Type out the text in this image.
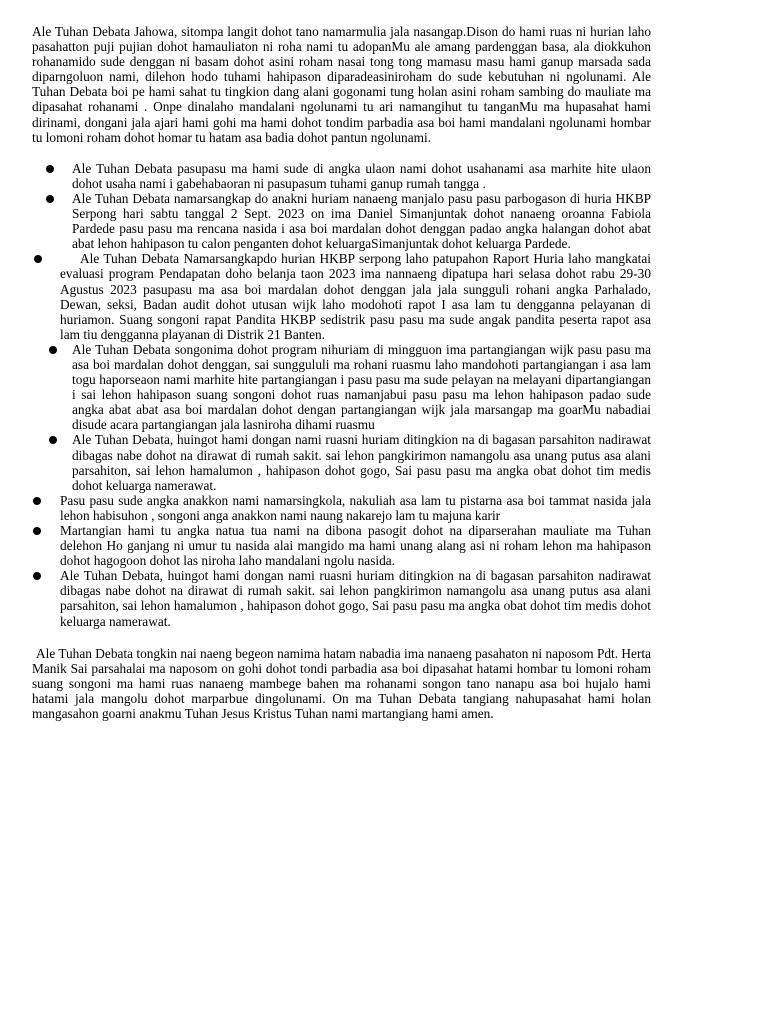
Ale Tuhan Debata Jahowa, sitompa langit dohot tano namarmulia jala nasangap.Dison do hami ruas ni hurian laho pasahatton puji pujian dohot hamauliaton ni roha nami tu adopanMu ale amang pardenggan basa, ala diokkuhon rohanamido sude denggan ni basam dohot asini roham nasai tong tong mamasu masu hami ganup marsada sada diparngoluon nami, dilehon hodo tuhami hahipason diparadeasiniroham do sude kebutuhan ni ngolunami. Ale Tuhan Debata boi pe hami sahat tu tingkion dang alani gogonami tung holan asini roham sambing do mauliate ma dipasahat rohanami . Onpe dinalaho mandalani ngolunami tu ari namangihut tu tanganMu ma hupasahat hami dirinami, dongani jala ajari hami gohi ma hami dohot tondim parbadia asa boi hami mandalani ngolunami hombar tu lomoni roham dohot homar tu hatam asa badia dohot pantun ngolunami.

Ale Tuhan Debata pasupasu ma hami sude di angka ulaon nami dohot usahanami asa marhite hite ulaon dohot usaha nami i gabehabaoran ni pasupasum tuhami ganup rumah tangga .
Ale Tuhan Debata namarsangkap do anakni huriam nanaeng manjalo pasu pasu parbogason di huria HKBP Serpong hari sabtu tanggal 2 Sept. 2023 on ima Daniel Simanjuntak dohot nanaeng oroanna Fabiola Pardede pasu pasu ma rencana nasida i asa boi mardalan dohot denggan padao angka halangan dohot abat abat lehon hahipason tu calon penganten dohot keluargaSimanjuntak dohot keluarga Pardede.
Ale Tuhan Debata Namarsangkapdo hurian HKBP serpong laho patupahon Raport Huria laho mangkatai evaluasi program Pendapatan doho belanja taon 2023 ima nannaeng dipatupa hari selasa dohot rabu 29-30 Agustus 2023 pasupasu ma asa boi mardalan dohot denggan jala jala sungguli rohani angka Parhalado, Dewan, seksi, Badan audit dohot utusan wijk laho modohoti rapot I asa lam tu dengganna pelayanan di huriamon. Suang songoni rapat Pandita HKBP sedistrik pasu pasu ma sude angak pandita peserta rapot asa lam tiu dengganna playanan di Distrik 21 Banten.
Ale Tuhan Debata songonima dohot program nihuriam di mingguon ima partangiangan wijk pasu pasu ma asa boi mardalan dohot denggan, sai sunggululi ma rohani ruasmu laho mandohoti partangiangan i asa lam togu haporseaon nami marhite hite partangiangan i pasu pasu ma sude pelayan na melayani dipartangiangan i sai lehon hahipason suang songoni dohot ruas namanjabui pasu pasu ma lehon hahipason padao sude angka abat abat asa boi mardalan dohot dengan partangiangan wijk jala marsangap ma goarMu nabadiai disude acara partangiangan jala lasniroha dihami ruasmu
Ale Tuhan Debata, huingot hami dongan nami ruasni huriam ditingkion na di bagasan parsahiton nadirawat dibagas nabe dohot na dirawat di rumah sakit. sai lehon pangkirimon namangolu asa unang putus asa alani parsahiton, sai lehon hamalumon , hahipason dohot gogo, Sai pasu pasu ma angka obat dohot tim medis dohot keluarga namerawat.
Pasu pasu sude angka anakkon nami namarsingkola, nakuliah asa lam tu pistarna asa boi tammat nasida jala lehon habisuhon , songoni anga anakkon nami naung nakarejo lam tu majuna karir
Martangian hami tu angka natua tua nami na dibona pasogit dohot na diparserahan mauliate ma Tuhan delehon Ho ganjang ni umur tu nasida alai mangido ma hami unang alang asi ni roham lehon ma hahipason dohot hagogoon dohot las niroha laho mandalani ngolu nasida.
Ale Tuhan Debata, huingot hami dongan nami ruasni huriam ditingkion na di bagasan parsahiton nadirawat dibagas nabe dohot na dirawat di rumah sakit. sai lehon pangkirimon namangolu asa unang putus asa alani parsahiton, sai lehon hamalumon , hahipason dohot gogo, Sai pasu pasu ma angka obat dohot tim medis dohot keluarga namerawat.

Ale Tuhan Debata tongkin nai naeng begeon namima hatam nabadia ima nanaeng pasahaton ni naposom Pdt. Herta Manik Sai parsahalai ma naposom on gohi dohot tondi parbadia asa boi dipasahat hatami hombar tu lomoni roham suang songoni ma hami ruas nanaeng mambege bahen ma rohanami songon tano nanapu asa boi hujalo hami hatami jala mangolu dohot marparbue dingolunami. On ma Tuhan Debata tangiang nahupasahat hami holan mangasahon goarni anakmu Tuhan Jesus Kristus Tuhan nami martangiang hami amen.
